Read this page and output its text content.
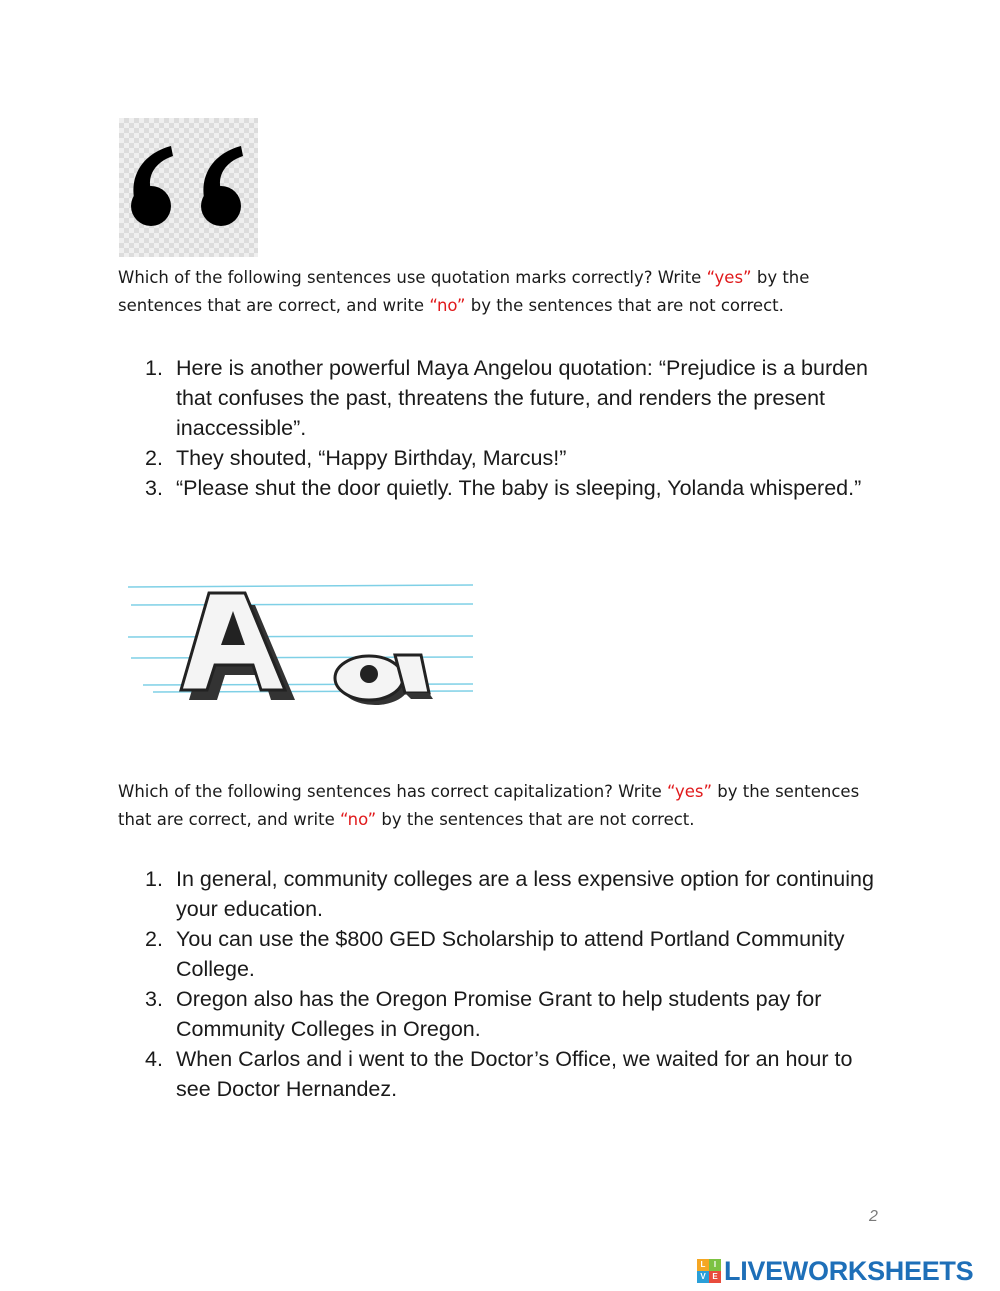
Which of the following sentences use quotation marks correctly? Write “yes” by the sentences that are correct, and write “no” by the sentences that are not correct.
1. Here is another powerful Maya Angelou quotation: “Prejudice is a burden that confuses the past, threatens the future, and renders the present inaccessible”.
2. They shouted, “Happy Birthday, Marcus!”
3. “Please shut the door quietly. The baby is sleeping, Yolanda whispered.”
Which of the following sentences has correct capitalization? Write “yes” by the sentences that are correct, and write “no” by the sentences that are not correct.
1. In general, community colleges are a less expensive option for continuing your education.
2. You can use the $800 GED Scholarship to attend Portland Community College.
3. Oregon also has the Oregon Promise Grant to help students pay for Community Colleges in Oregon.
4. When Carlos and i went to the Doctor’s Office, we waited for an hour to see Doctor Hernandez.
2
L	I
V E LIVEWORKSHEETS
